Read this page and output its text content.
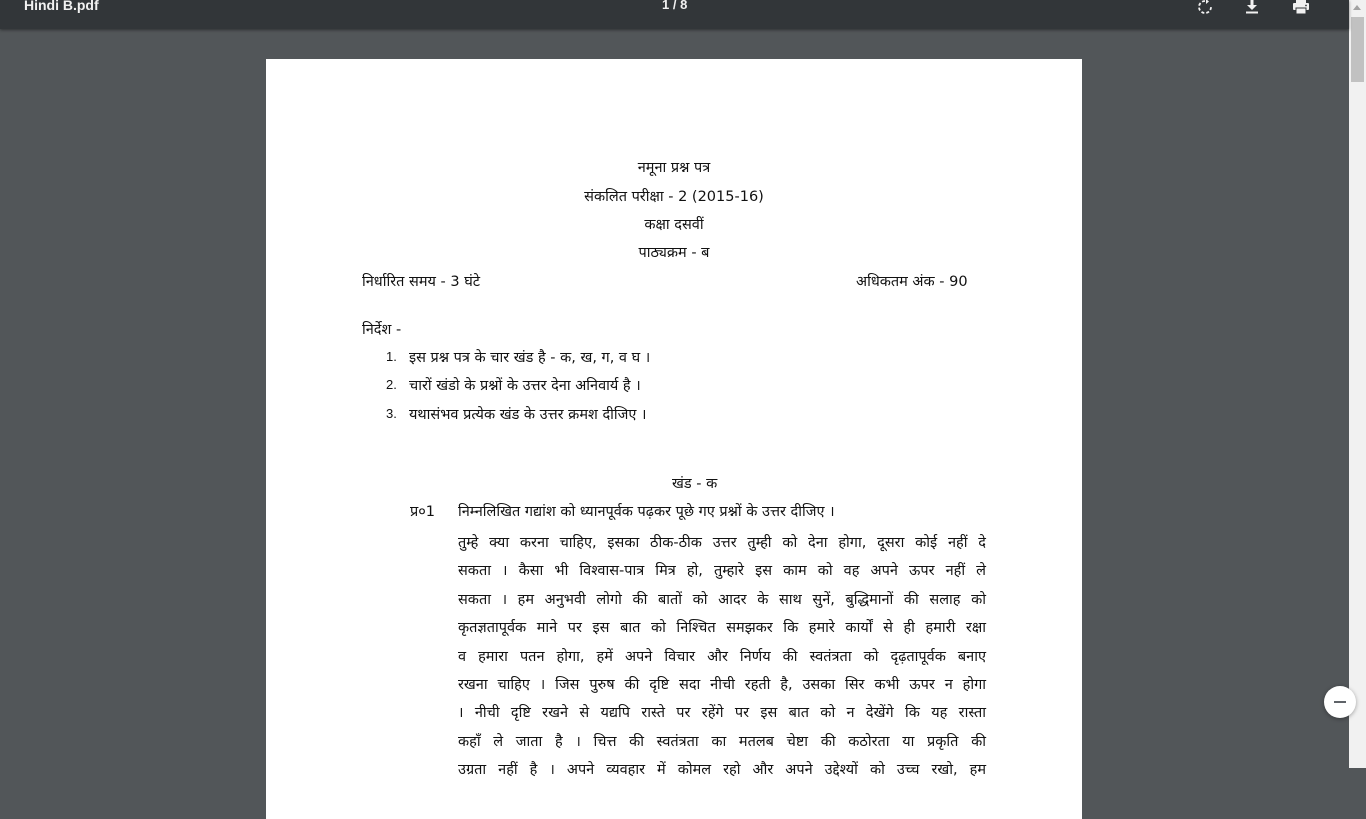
Hindi B.pdf	1 / 8
नमूना प्रश्न पत्र
संकलित परीक्षा - 2 (2015-16)
कक्षा दसवीं
पाठ्यक्रम - ब
निर्धारित समय - 3 घंटे	अधिकतम अंक - 90
निर्देश -
1. इस प्रश्न पत्र के चार खंड है - क, ख, ग, व घ ।
2. चारों खंडो के प्रश्नों के उत्तर देना अनिवार्य है ।
3. यथासंभव प्रत्येक खंड के उत्तर क्रमश दीजिए ।
खंड - क
प्र०1 निम्नलिखित गद्यांश को ध्यानपूर्वक पढ़कर पूछे गए प्रश्नों के उत्तर दीजिए ।
तुम्हे क्या करना चाहिए, इसका ठीक-ठीक उत्तर तुम्ही को देना होगा, दूसरा कोई नहीं दे
सकता । कैसा भी विश्वास-पात्र मित्र हो, तुम्हारे इस काम को वह अपने ऊपर नहीं ले
सकता । हम अनुभवी लोगो की बातों को आदर के साथ सुनें, बुद्धिमानों की सलाह को
कृतज्ञतापूर्वक माने पर इस बात को निश्चित समझकर कि हमारे कार्यों से ही हमारी रक्षा
व हमारा पतन होगा, हमें अपने विचार और निर्णय की स्वतंत्रता को दृढ़तापूर्वक बनाए
रखना चाहिए । जिस पुरुष की दृष्टि सदा नीची रहती है, उसका सिर कभी ऊपर न होगा
। नीची दृष्टि रखने से यद्यपि रास्ते पर रहेंगे पर इस बात को न देखेंगे कि यह रास्ता
कहाँ ले जाता है । चित्त की स्वतंत्रता का मतलब चेष्टा की कठोरता या प्रकृति की
उग्रता नहीं है । अपने व्यवहार में कोमल रहो और अपने उद्देश्यों को उच्च रखो, हम
